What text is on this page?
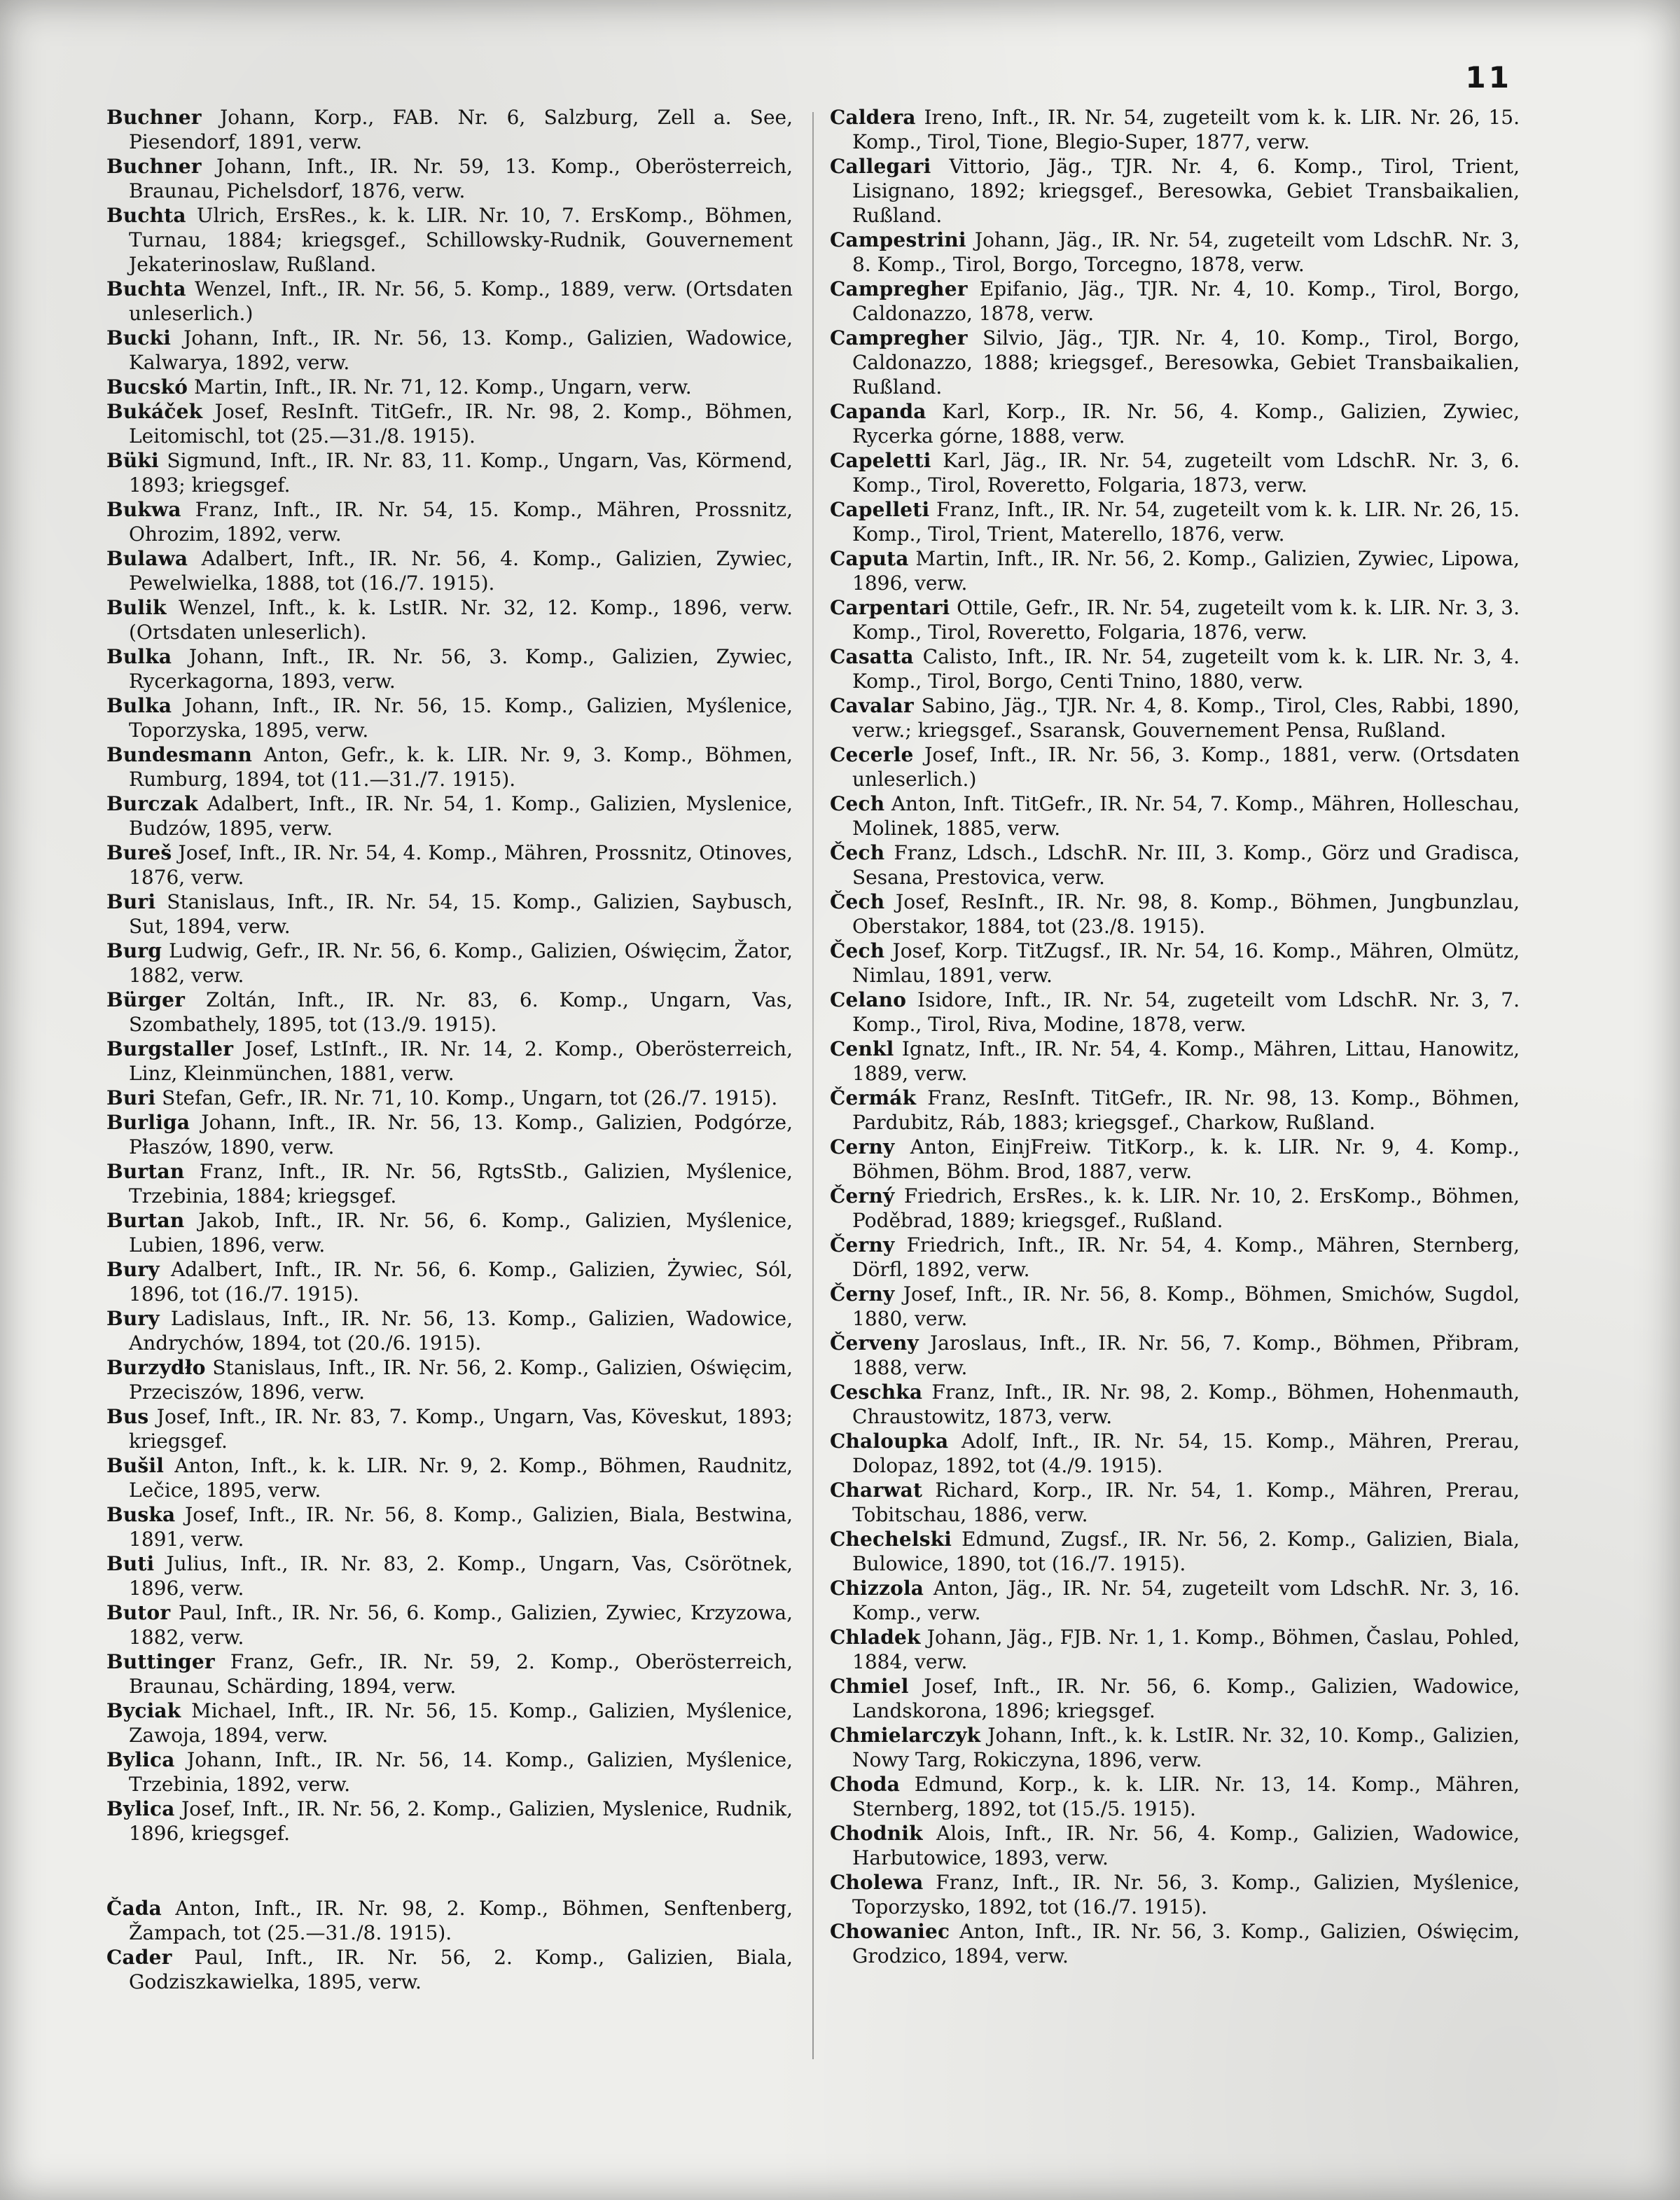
11
Buchner Johann, Korp., FAB. Nr. 6, Salzburg, Zell a. See, Piesendorf, 1891, verw.
Buchner Johann, Inft., IR. Nr. 59, 13. Komp., Oberösterreich, Braunau, Pichelsdorf, 1876, verw.
Buchta Ulrich, ErsRes., k. k. LIR. Nr. 10, 7. ErsKomp., Böhmen, Turnau, 1884; kriegsgef., Schillowsky-Rudnik, Gouvernement Jekaterinoslaw, Rußland.
Buchta Wenzel, Inft., IR. Nr. 56, 5. Komp., 1889, verw. (Ortsdaten unleserlich.)
Bucki Johann, Inft., IR. Nr. 56, 13. Komp., Galizien, Wadowice, Kalwarya, 1892, verw.
Bucskó Martin, Inft., IR. Nr. 71, 12. Komp., Ungarn, verw.
Bukáček Josef, ResInft. TitGefr., IR. Nr. 98, 2. Komp., Böhmen, Leitomischl, tot (25.—31./8. 1915).
Büki Sigmund, Inft., IR. Nr. 83, 11. Komp., Ungarn, Vas, Körmend, 1893; kriegsgef.
Bukwa Franz, Inft., IR. Nr. 54, 15. Komp., Mähren, Prossnitz, Ohrozim, 1892, verw.
Bulawa Adalbert, Inft., IR. Nr. 56, 4. Komp., Galizien, Zywiec, Pewelwielka, 1888, tot (16./7. 1915).
Bulik Wenzel, Inft., k. k. LstIR. Nr. 32, 12. Komp., 1896, verw. (Ortsdaten unleserlich).
Bulka Johann, Inft., IR. Nr. 56, 3. Komp., Galizien, Zywiec, Rycerkagorna, 1893, verw.
Bulka Johann, Inft., IR. Nr. 56, 15. Komp., Galizien, Myślenice, Toporzyska, 1895, verw.
Bundesmann Anton, Gefr., k. k. LIR. Nr. 9, 3. Komp., Böhmen, Rumburg, 1894, tot (11.—31./7. 1915).
Burczak Adalbert, Inft., IR. Nr. 54, 1. Komp., Galizien, Myslenice, Budzów, 1895, verw.
Bureš Josef, Inft., IR. Nr. 54, 4. Komp., Mähren, Prossnitz, Otinoves, 1876, verw.
Buri Stanislaus, Inft., IR. Nr. 54, 15. Komp., Galizien, Saybusch, Sut, 1894, verw.
Burg Ludwig, Gefr., IR. Nr. 56, 6. Komp., Galizien, Oświęcim, Žator, 1882, verw.
Bürger Zoltán, Inft., IR. Nr. 83, 6. Komp., Ungarn, Vas, Szombathely, 1895, tot (13./9. 1915).
Burgstaller Josef, LstInft., IR. Nr. 14, 2. Komp., Oberösterreich, Linz, Kleinmünchen, 1881, verw.
Buri Stefan, Gefr., IR. Nr. 71, 10. Komp., Ungarn, tot (26./7. 1915).
Burliga Johann, Inft., IR. Nr. 56, 13. Komp., Galizien, Podgórze, Płaszów, 1890, verw.
Burtan Franz, Inft., IR. Nr. 56, RgtsStb., Galizien, Myślenice, Trzebinia, 1884; kriegsgef.
Burtan Jakob, Inft., IR. Nr. 56, 6. Komp., Galizien, Myślenice, Lubien, 1896, verw.
Bury Adalbert, Inft., IR. Nr. 56, 6. Komp., Galizien, Żywiec, Sól, 1896, tot (16./7. 1915).
Bury Ladislaus, Inft., IR. Nr. 56, 13. Komp., Galizien, Wadowice, Andrychów, 1894, tot (20./6. 1915).
Burzydło Stanislaus, Inft., IR. Nr. 56, 2. Komp., Galizien, Oświęcim, Przeciszów, 1896, verw.
Bus Josef, Inft., IR. Nr. 83, 7. Komp., Ungarn, Vas, Köveskut, 1893; kriegsgef.
Bušil Anton, Inft., k. k. LIR. Nr. 9, 2. Komp., Böhmen, Raudnitz, Lečice, 1895, verw.
Buska Josef, Inft., IR. Nr. 56, 8. Komp., Galizien, Biala, Bestwina, 1891, verw.
Buti Julius, Inft., IR. Nr. 83, 2. Komp., Ungarn, Vas, Csörötnek, 1896, verw.
Butor Paul, Inft., IR. Nr. 56, 6. Komp., Galizien, Zywiec, Krzyzowa, 1882, verw.
Buttinger Franz, Gefr., IR. Nr. 59, 2. Komp., Oberösterreich, Braunau, Schärding, 1894, verw.
Byciak Michael, Inft., IR. Nr. 56, 15. Komp., Galizien, Myślenice, Zawoja, 1894, verw.
Bylica Johann, Inft., IR. Nr. 56, 14. Komp., Galizien, Myślenice, Trzebinia, 1892, verw.
Bylica Josef, Inft., IR. Nr. 56, 2. Komp., Galizien, Myslenice, Rudnik, 1896, kriegsgef.
Čada Anton, Inft., IR. Nr. 98, 2. Komp., Böhmen, Senftenberg, Žampach, tot (25.—31./8. 1915).
Cader Paul, Inft., IR. Nr. 56, 2. Komp., Galizien, Biala, Godziszkawielka, 1895, verw.
Caldera Ireno, Inft., IR. Nr. 54, zugeteilt vom k. k. LIR. Nr. 26, 15. Komp., Tirol, Tione, Blegio-Super, 1877, verw.
Callegari Vittorio, Jäg., TJR. Nr. 4, 6. Komp., Tirol, Trient, Lisignano, 1892; kriegsgef., Beresowka, Gebiet Transbaikalien, Rußland.
Campestrini Johann, Jäg., IR. Nr. 54, zugeteilt vom LdschR. Nr. 3, 8. Komp., Tirol, Borgo, Torcegno, 1878, verw.
Campregher Epifanio, Jäg., TJR. Nr. 4, 10. Komp., Tirol, Borgo, Caldonazzo, 1878, verw.
Campregher Silvio, Jäg., TJR. Nr. 4, 10. Komp., Tirol, Borgo, Caldonazzo, 1888; kriegsgef., Beresowka, Gebiet Transbaikalien, Rußland.
Capanda Karl, Korp., IR. Nr. 56, 4. Komp., Galizien, Zywiec, Rycerka górne, 1888, verw.
Capeletti Karl, Jäg., IR. Nr. 54, zugeteilt vom LdschR. Nr. 3, 6. Komp., Tirol, Roveretto, Folgaria, 1873, verw.
Capelleti Franz, Inft., IR. Nr. 54, zugeteilt vom k. k. LIR. Nr. 26, 15. Komp., Tirol, Trient, Materello, 1876, verw.
Caputa Martin, Inft., IR. Nr. 56, 2. Komp., Galizien, Zywiec, Lipowa, 1896, verw.
Carpentari Ottile, Gefr., IR. Nr. 54, zugeteilt vom k. k. LIR. Nr. 3, 3. Komp., Tirol, Roveretto, Folgaria, 1876, verw.
Casatta Calisto, Inft., IR. Nr. 54, zugeteilt vom k. k. LIR. Nr. 3, 4. Komp., Tirol, Borgo, Centi Tnino, 1880, verw.
Cavalar Sabino, Jäg., TJR. Nr. 4, 8. Komp., Tirol, Cles, Rabbi, 1890, verw.; kriegsgef., Ssaransk, Gouvernement Pensa, Rußland.
Cecerle Josef, Inft., IR. Nr. 56, 3. Komp., 1881, verw. (Ortsdaten unleserlich.)
Cech Anton, Inft. TitGefr., IR. Nr. 54, 7. Komp., Mähren, Holleschau, Molinek, 1885, verw.
Čech Franz, Ldsch., LdschR. Nr. III, 3. Komp., Görz und Gradisca, Sesana, Prestovica, verw.
Čech Josef, ResInft., IR. Nr. 98, 8. Komp., Böhmen, Jungbunzlau, Oberstakor, 1884, tot (23./8. 1915).
Čech Josef, Korp. TitZugsf., IR. Nr. 54, 16. Komp., Mähren, Olmütz, Nimlau, 1891, verw.
Celano Isidore, Inft., IR. Nr. 54, zugeteilt vom LdschR. Nr. 3, 7. Komp., Tirol, Riva, Modine, 1878, verw.
Cenkl Ignatz, Inft., IR. Nr. 54, 4. Komp., Mähren, Littau, Hanowitz, 1889, verw.
Čermák Franz, ResInft. TitGefr., IR. Nr. 98, 13. Komp., Böhmen, Pardubitz, Ráb, 1883; kriegsgef., Charkow, Rußland.
Cerny Anton, EinjFreiw. TitKorp., k. k. LIR. Nr. 9, 4. Komp., Böhmen, Böhm. Brod, 1887, verw.
Černý Friedrich, ErsRes., k. k. LIR. Nr. 10, 2. ErsKomp., Böhmen, Poděbrad, 1889; kriegsgef., Rußland.
Černy Friedrich, Inft., IR. Nr. 54, 4. Komp., Mähren, Sternberg, Dörfl, 1892, verw.
Černy Josef, Inft., IR. Nr. 56, 8. Komp., Böhmen, Smichów, Sugdol, 1880, verw.
Červeny Jaroslaus, Inft., IR. Nr. 56, 7. Komp., Böhmen, Přibram, 1888, verw.
Ceschka Franz, Inft., IR. Nr. 98, 2. Komp., Böhmen, Hohenmauth, Chraustowitz, 1873, verw.
Chaloupka Adolf, Inft., IR. Nr. 54, 15. Komp., Mähren, Prerau, Dolopaz, 1892, tot (4./9. 1915).
Charwat Richard, Korp., IR. Nr. 54, 1. Komp., Mähren, Prerau, Tobitschau, 1886, verw.
Chechelski Edmund, Zugsf., IR. Nr. 56, 2. Komp., Galizien, Biala, Bulowice, 1890, tot (16./7. 1915).
Chizzola Anton, Jäg., IR. Nr. 54, zugeteilt vom LdschR. Nr. 3, 16. Komp., verw.
Chladek Johann, Jäg., FJB. Nr. 1, 1. Komp., Böhmen, Časlau, Pohled, 1884, verw.
Chmiel Josef, Inft., IR. Nr. 56, 6. Komp., Galizien, Wadowice, Landskorona, 1896; kriegsgef.
Chmielarczyk Johann, Inft., k. k. LstIR. Nr. 32, 10. Komp., Galizien, Nowy Targ, Rokiczyna, 1896, verw.
Choda Edmund, Korp., k. k. LIR. Nr. 13, 14. Komp., Mähren, Sternberg, 1892, tot (15./5. 1915).
Chodnik Alois, Inft., IR. Nr. 56, 4. Komp., Galizien, Wadowice, Harbutowice, 1893, verw.
Cholewa Franz, Inft., IR. Nr. 56, 3. Komp., Galizien, Myślenice, Toporzysko, 1892, tot (16./7. 1915).
Chowaniec Anton, Inft., IR. Nr. 56, 3. Komp., Galizien, Oświęcim, Grodzico, 1894, verw.
